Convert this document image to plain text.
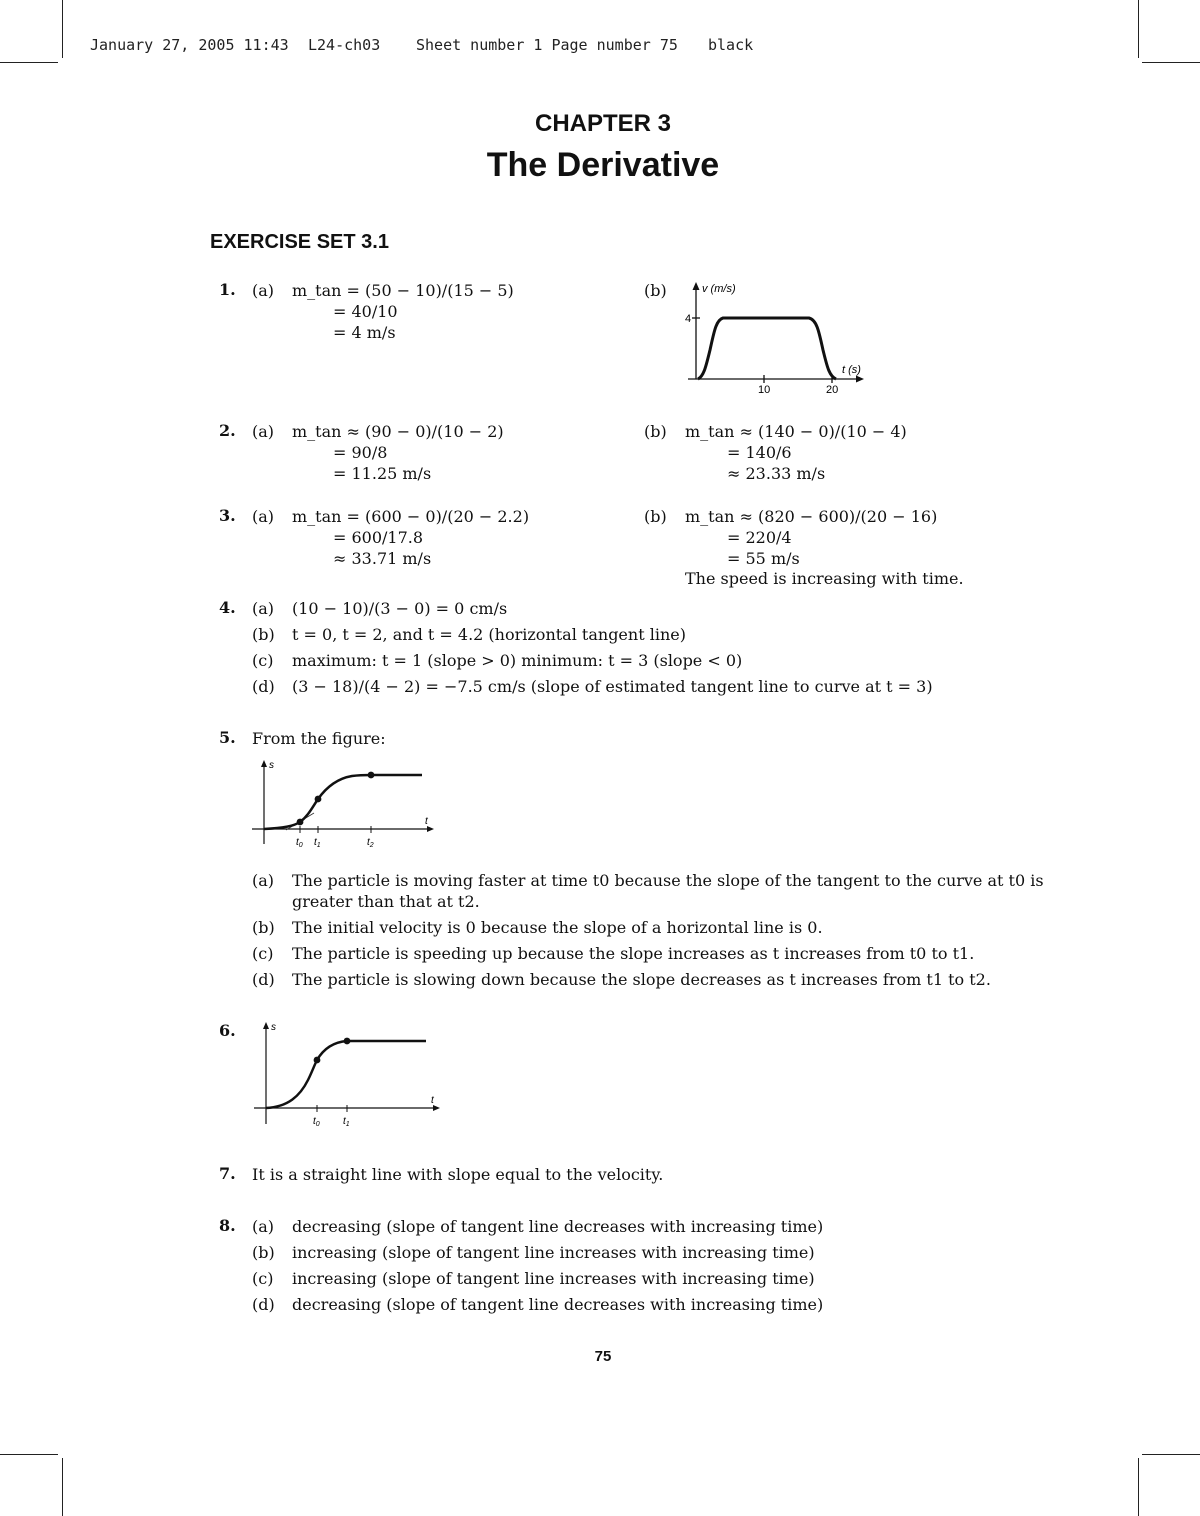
January 27, 2005 11:43 L24-ch03 Sheet number 1 Page number 75 black
CHAPTER 3
The Derivative
EXERCISE SET 3.1
1. (a) m_tan = (50 − 10)/(15 − 5)
= 40/10
= 4 m/s
(b)	v (m/s)
t (s)
4
10	20
2. (a) m_tan ≈ (90 − 0)/(10 − 2)
= 90/8
= 11.25 m/s
(b) m_tan ≈ (140 − 0)/(10 − 4)
= 140/6
≈ 23.33 m/s
3. (a) m_tan = (600 − 0)/(20 − 2.2)
= 600/17.8
≈ 33.71 m/s
(b) m_tan ≈ (820 − 600)/(20 − 16)
= 220/4
= 55 m/s
The speed is increasing with time.
4. (a) (10 − 10)/(3 − 0) = 0 cm/s
(b) t = 0, t = 2, and t = 4.2 (horizontal tangent line)
(c) maximum: t = 1 (slope > 0) minimum: t = 3 (slope < 0)
(d) (3 − 18)/(4 − 2) = −7.5 cm/s (slope of estimated tangent line to curve at t = 3)
5. From the figure:
s
t
$t_0$ $t_1$	$t_2$
(a) The particle is moving faster at time t0 because the slope of the tangent to the curve at t0 is
greater than that at t2.
(b) The initial velocity is 0 because the slope of a horizontal line is 0.
(c) The particle is speeding up because the slope increases as t increases from t0 to t1.
(d) The particle is slowing down because the slope decreases as t increases from t1 to t2.
6.	s
t
$t_0$ $t_1$
7. It is a straight line with slope equal to the velocity.
8. (a) decreasing (slope of tangent line decreases with increasing time)
(b) increasing (slope of tangent line increases with increasing time)
(c) increasing (slope of tangent line increases with increasing time)
(d) decreasing (slope of tangent line decreases with increasing time)
75
